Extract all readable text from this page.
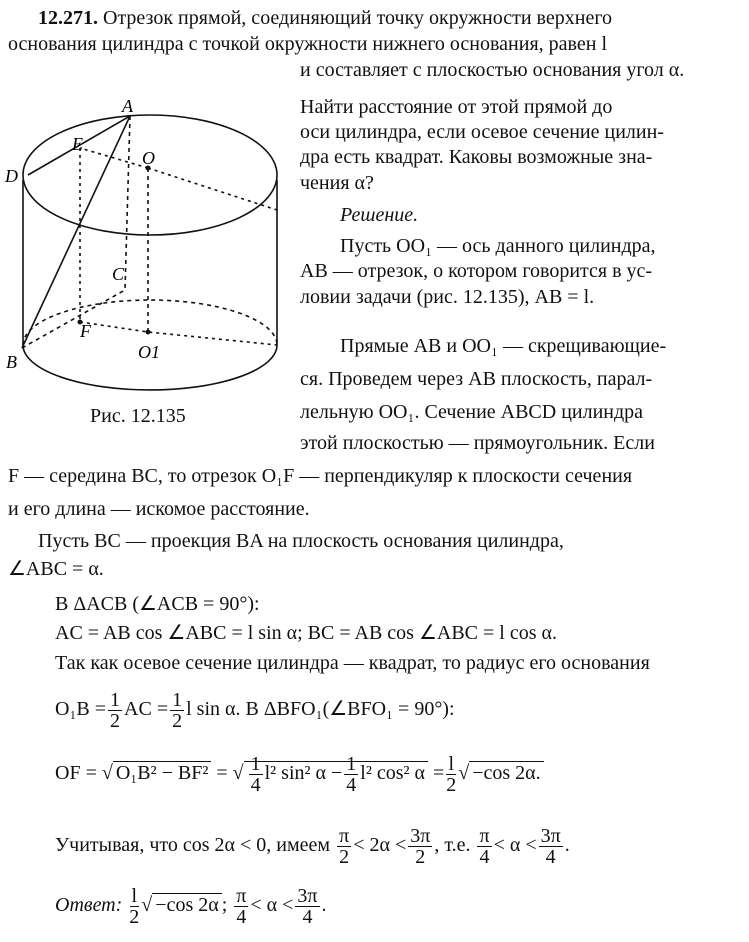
12.271. Отрезок прямой, соединяющий точку окружности верхнего
основания цилиндра с точкой окружности нижнего основания, равен l
и составляет с плоскостью основания угол α.
Найти расстояние от этой прямой до
оси цилиндра, если осевое сечение цилин-
дра есть квадрат. Каковы возможные зна-
чения α?
A
D
E
O
C
F
B	O1
Рис. 12.135
Решение.
Пусть OO₁ — ось данного цилиндра,
AB — отрезок, о котором говорится в ус-
ловии задачи (рис. 12.135), AB = l.
Прямые AB и OO₁ — скрещивающие-
ся. Проведем через AB плоскость, парал-
лельную OO₁. Сечение ABCD цилиндра
этой плоскостью — прямоугольник. Если
F — середина BC, то отрезок O₁F — перпендикуляр к плоскости сечения
и его длина — искомое расстояние.
Пусть BC — проекция BA на плоскость основания цилиндра,
∠ABC = α.
В ΔACB (∠ACB = 90°):
AC = AB cos ∠ABC = l sin α; BC = AB cos ∠ABC = l cos α.
Так как осевое сечение цилиндра — квадрат, то радиус его основания
$O_1B = \frac{1}{2}$ AC = $\frac{1}{2}$ l sin α. В ΔBFO₁(∠BFO₁ = 90°):
OF = √ O₁B² − BF² = √ $\frac{1}{4} l^2$ sin² $\alpha - \frac{1}{4} l^2$ cos² $\alpha = \frac{l}{2}$ √ −cos 2α.
Учитывая, что cos 2α < 0, имеем $\frac{\pi}{2} < 2\alpha < \frac{3\pi}{2}$ , т.е. $\frac{\pi}{4} < \alpha < \frac{3\pi}{4}$ .
Ответ: $\frac{l}{2}$ √ −cos 2α ; $\frac{\pi}{4} < \alpha < \frac{3\pi}{4}$ .
